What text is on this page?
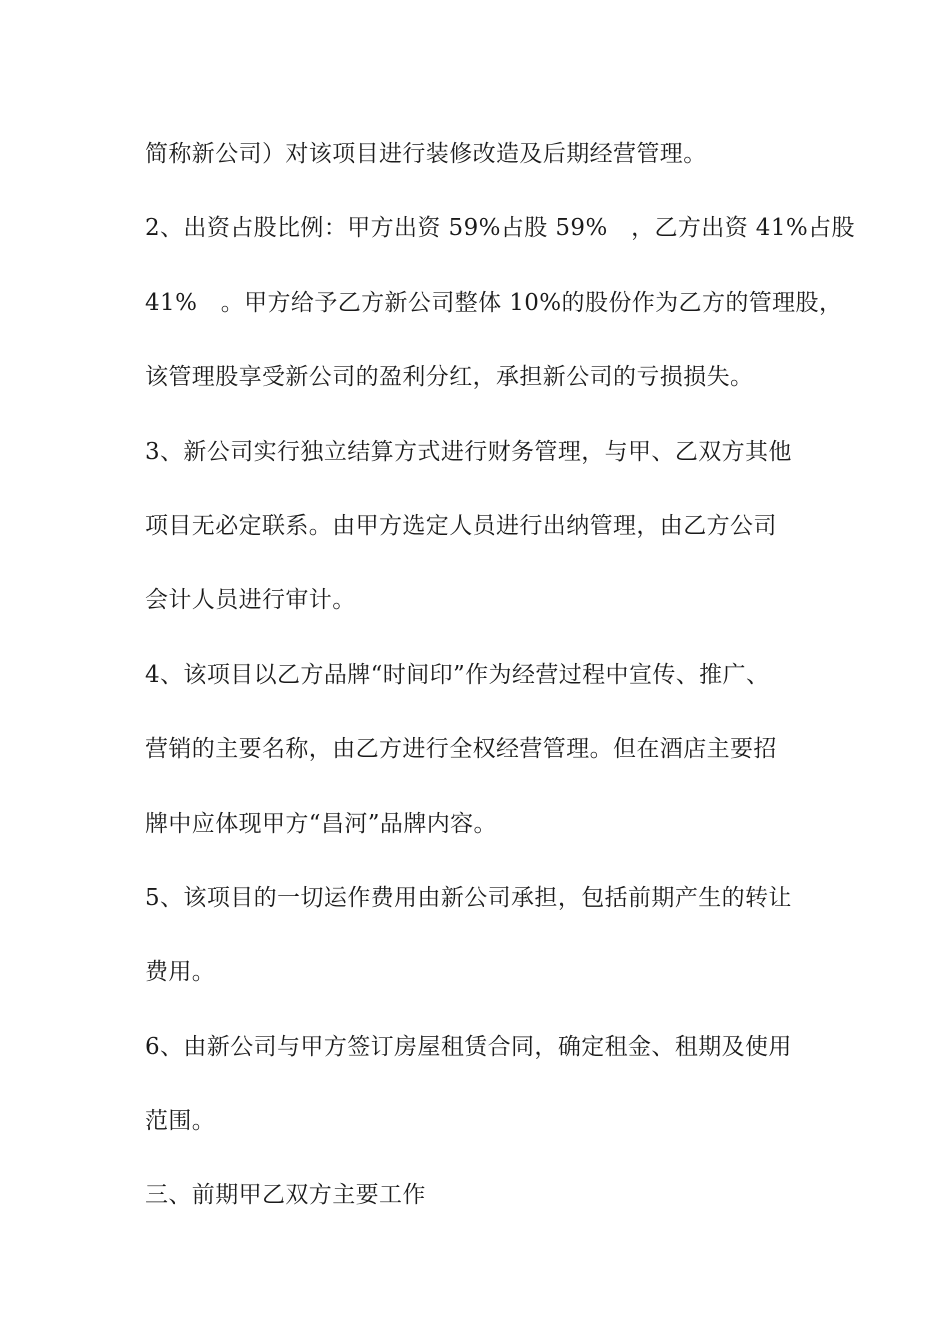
简称新公司）对该项目进行装修改造及后期经营管理。
2、出资占股比例：甲方出资 59%占股 59%　，乙方出资 41%占股
41%　。甲方给予乙方新公司整体 10%的股份作为乙方的管理股，
该管理股享受新公司的盈利分红，承担新公司的亏损损失。
3、新公司实行独立结算方式进行财务管理，与甲、乙双方其他
项目无必定联系。由甲方选定人员进行出纳管理，由乙方公司
会计人员进行审计。
4、该项目以乙方品牌“时间印”作为经营过程中宣传、推广、
营销的主要名称，由乙方进行全权经营管理。但在酒店主要招
牌中应体现甲方“昌河”品牌内容。
5、该项目的一切运作费用由新公司承担，包括前期产生的转让
费用。
6、由新公司与甲方签订房屋租赁合同，确定租金、租期及使用
范围。
三、前期甲乙双方主要工作
